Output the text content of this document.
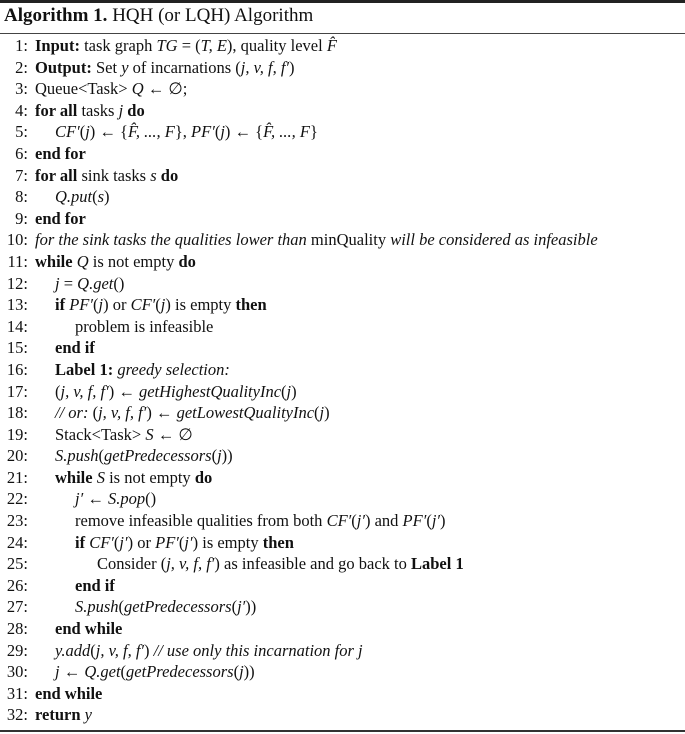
Algorithm 1. HQH (or LQH) Algorithm
1: Input: task graph TG = (T, E), quality level F̂
2: Output: Set y of incarnations (j, v, f, f′)
3: Queue<Task> Q ← ∅;
4: for all tasks j do
5: CF′(j) ← {F̂, ..., F}, PF′(j) ← {F̂, ..., F}
6: end for
7: for all sink tasks s do
8: Q.put(s)
9: end for
10: for the sink tasks the qualities lower than minQuality will be considered as infeasible
11: while Q is not empty do
12: j = Q.get()
13: if PF′(j) or CF′(j) is empty then
14:	problem is infeasible
15: end if
16: Label 1: greedy selection:
17: (j, v, f, f′) ← getHighestQualityInc(j)
18: // or: (j, v, f, f′) ← getLowestQualityInc(j)
19: Stack<Task> S ← ∅
20: S.push(getPredecessors(j))
21: while S is not empty do
22:	j′ ← S.pop()
23:	remove infeasible qualities from both CF′(j′) and PF′(j′)
24:	if CF′(j′) or PF′(j′) is empty then
25:	Consider (j, v, f, f′) as infeasible and go back to Label 1
26:	end if
27:	S.push(getPredecessors(j′))
28: end while
29: y.add(j, v, f, f′) // use only this incarnation for j
30: j ← Q.get(getPredecessors(j))
31: end while
32: return y
